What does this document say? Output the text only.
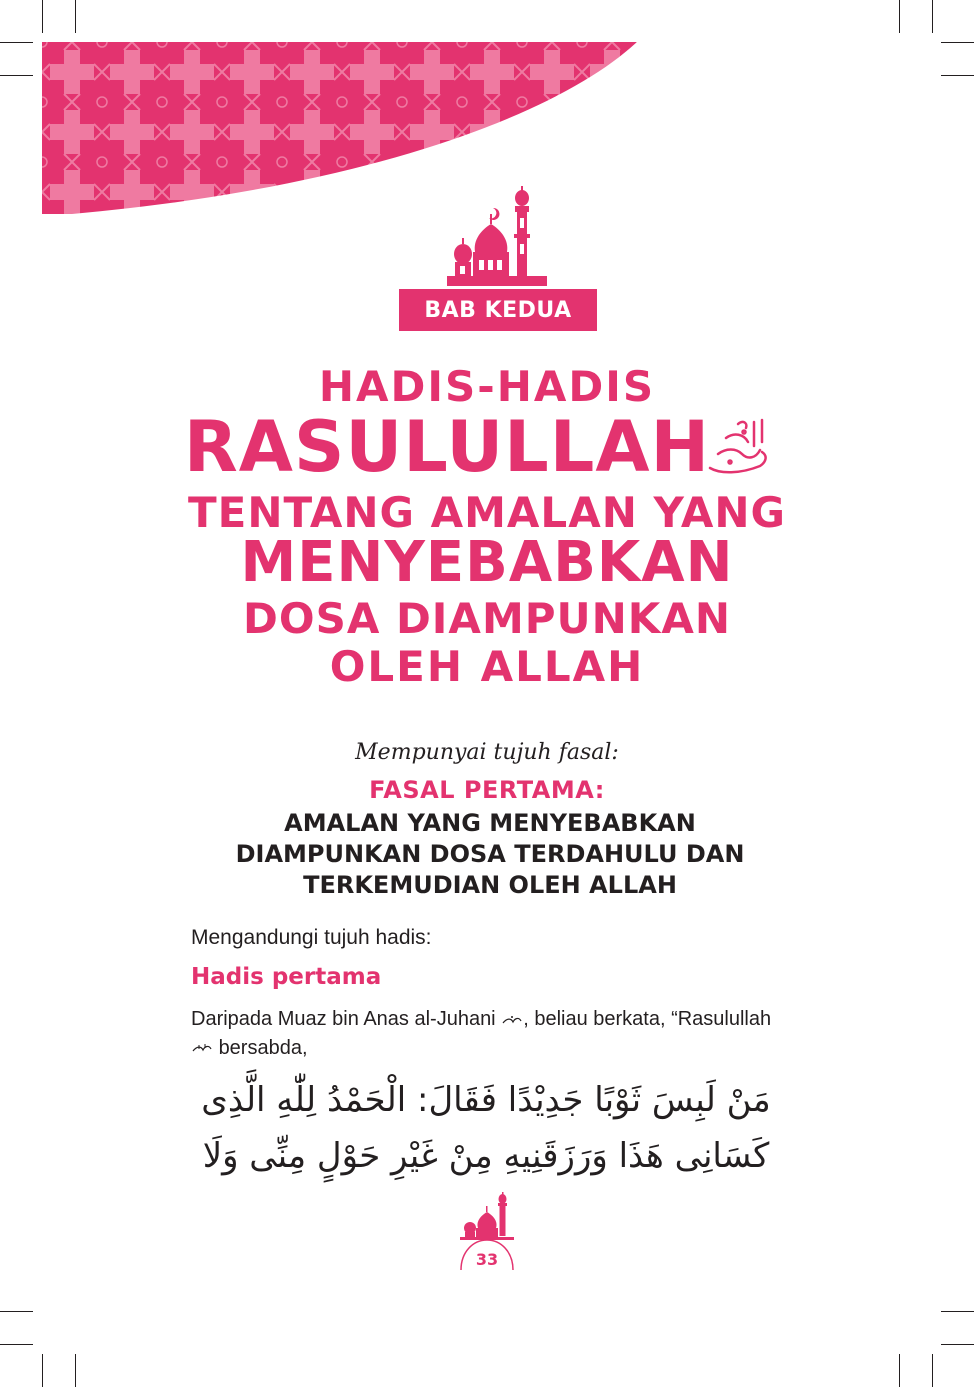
BAB KEDUA
HADIS-HADIS
RASULULLAH
TENTANG AMALAN YANG
MENYEBABKAN
DOSA DIAMPUNKAN
OLEH ALLAH
Mempunyai tujuh fasal:
FASAL PERTAMA:
AMALAN YANG MENYEBABKAN DIAMPUNKAN DOSA TERDAHULU DAN TERKEMUDIAN OLEH ALLAH
Mengandungi tujuh hadis:
Hadis pertama
Daripada Muaz bin Anas al-Juhani , beliau berkata, “Rasulullah
bersabda,
مَنْ لَبِسَ ثَوْبًا جَدِيْدًا فَقَالَ: الْحَمْدُ لِلّٰهِ الَّذِى
كَسَانِى هَذَا وَرَزَقَنِيهِ مِنْ غَيْرِ حَوْلٍ مِنِّى وَلَا
33
